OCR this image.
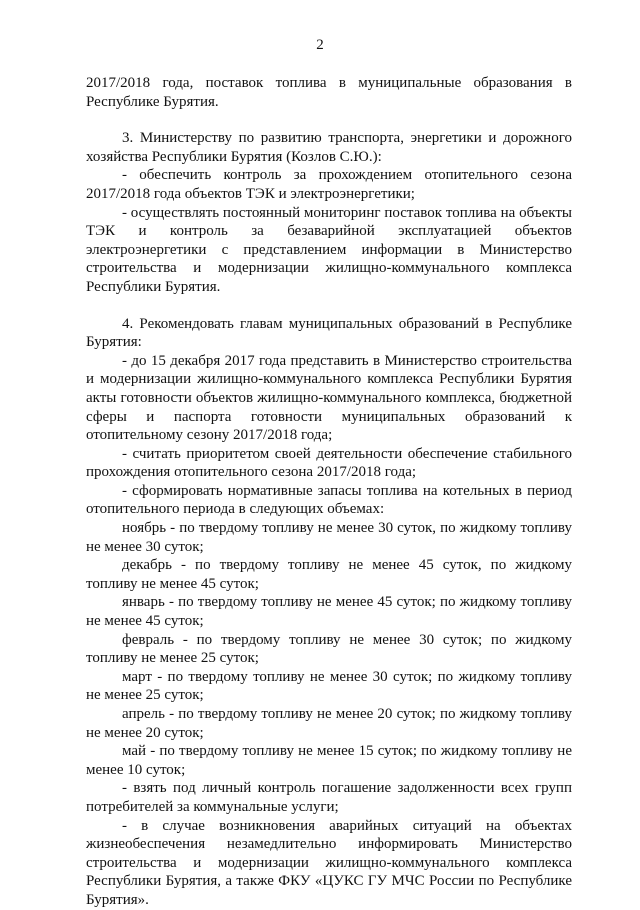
2

2017/2018 года, поставок топлива в муниципальные образования в Республике Бурятия.

3. Министерству по развитию транспорта, энергетики и дорожного хозяйства Республики Бурятия (Козлов С.Ю.):

- обеспечить контроль за прохождением отопительного сезона 2017/2018 года объектов ТЭК и электроэнергетики;

- осуществлять постоянный мониторинг поставок топлива на объекты ТЭК и контроль за безаварийной эксплуатацией объектов электроэнергетики с представлением информации в Министерство строительства и модернизации жилищно-коммунального комплекса Республики Бурятия.

4. Рекомендовать главам муниципальных образований в Республике Бурятия:

- до 15 декабря 2017 года представить в Министерство строительства и модернизации жилищно-коммунального комплекса Республики Бурятия акты готовности объектов жилищно-коммунального комплекса, бюджетной сферы и паспорта готовности муниципальных образований к отопительному сезону 2017/2018 года;

- считать приоритетом своей деятельности обеспечение стабильного прохождения отопительного сезона 2017/2018 года;

- сформировать нормативные запасы топлива на котельных в период отопительного периода в следующих объемах:

ноябрь - по твердому топливу не менее 30 суток, по жидкому топливу не менее 30 суток;

декабрь - по твердому топливу не менее 45 суток, по жидкому топливу не менее 45 суток;

январь - по твердому топливу не менее 45 суток; по жидкому топливу не менее 45 суток;

февраль - по твердому топливу не менее 30 суток; по жидкому топливу не менее 25 суток;

март - по твердому топливу не менее 30 суток; по жидкому топливу не менее 25 суток;

апрель - по твердому топливу не менее 20 суток; по жидкому топливу не менее 20 суток;

май - по твердому топливу не менее 15 суток; по жидкому топливу не менее 10 суток;

- взять под личный контроль погашение задолженности всех групп потребителей за коммунальные услуги;

- в случае возникновения аварийных ситуаций на объектах жизнеобеспечения незамедлительно информировать Министерство строительства и модернизации жилищно-коммунального комплекса Республики Бурятия, а также ФКУ «ЦУКС ГУ МЧС России по Республике Бурятия».
